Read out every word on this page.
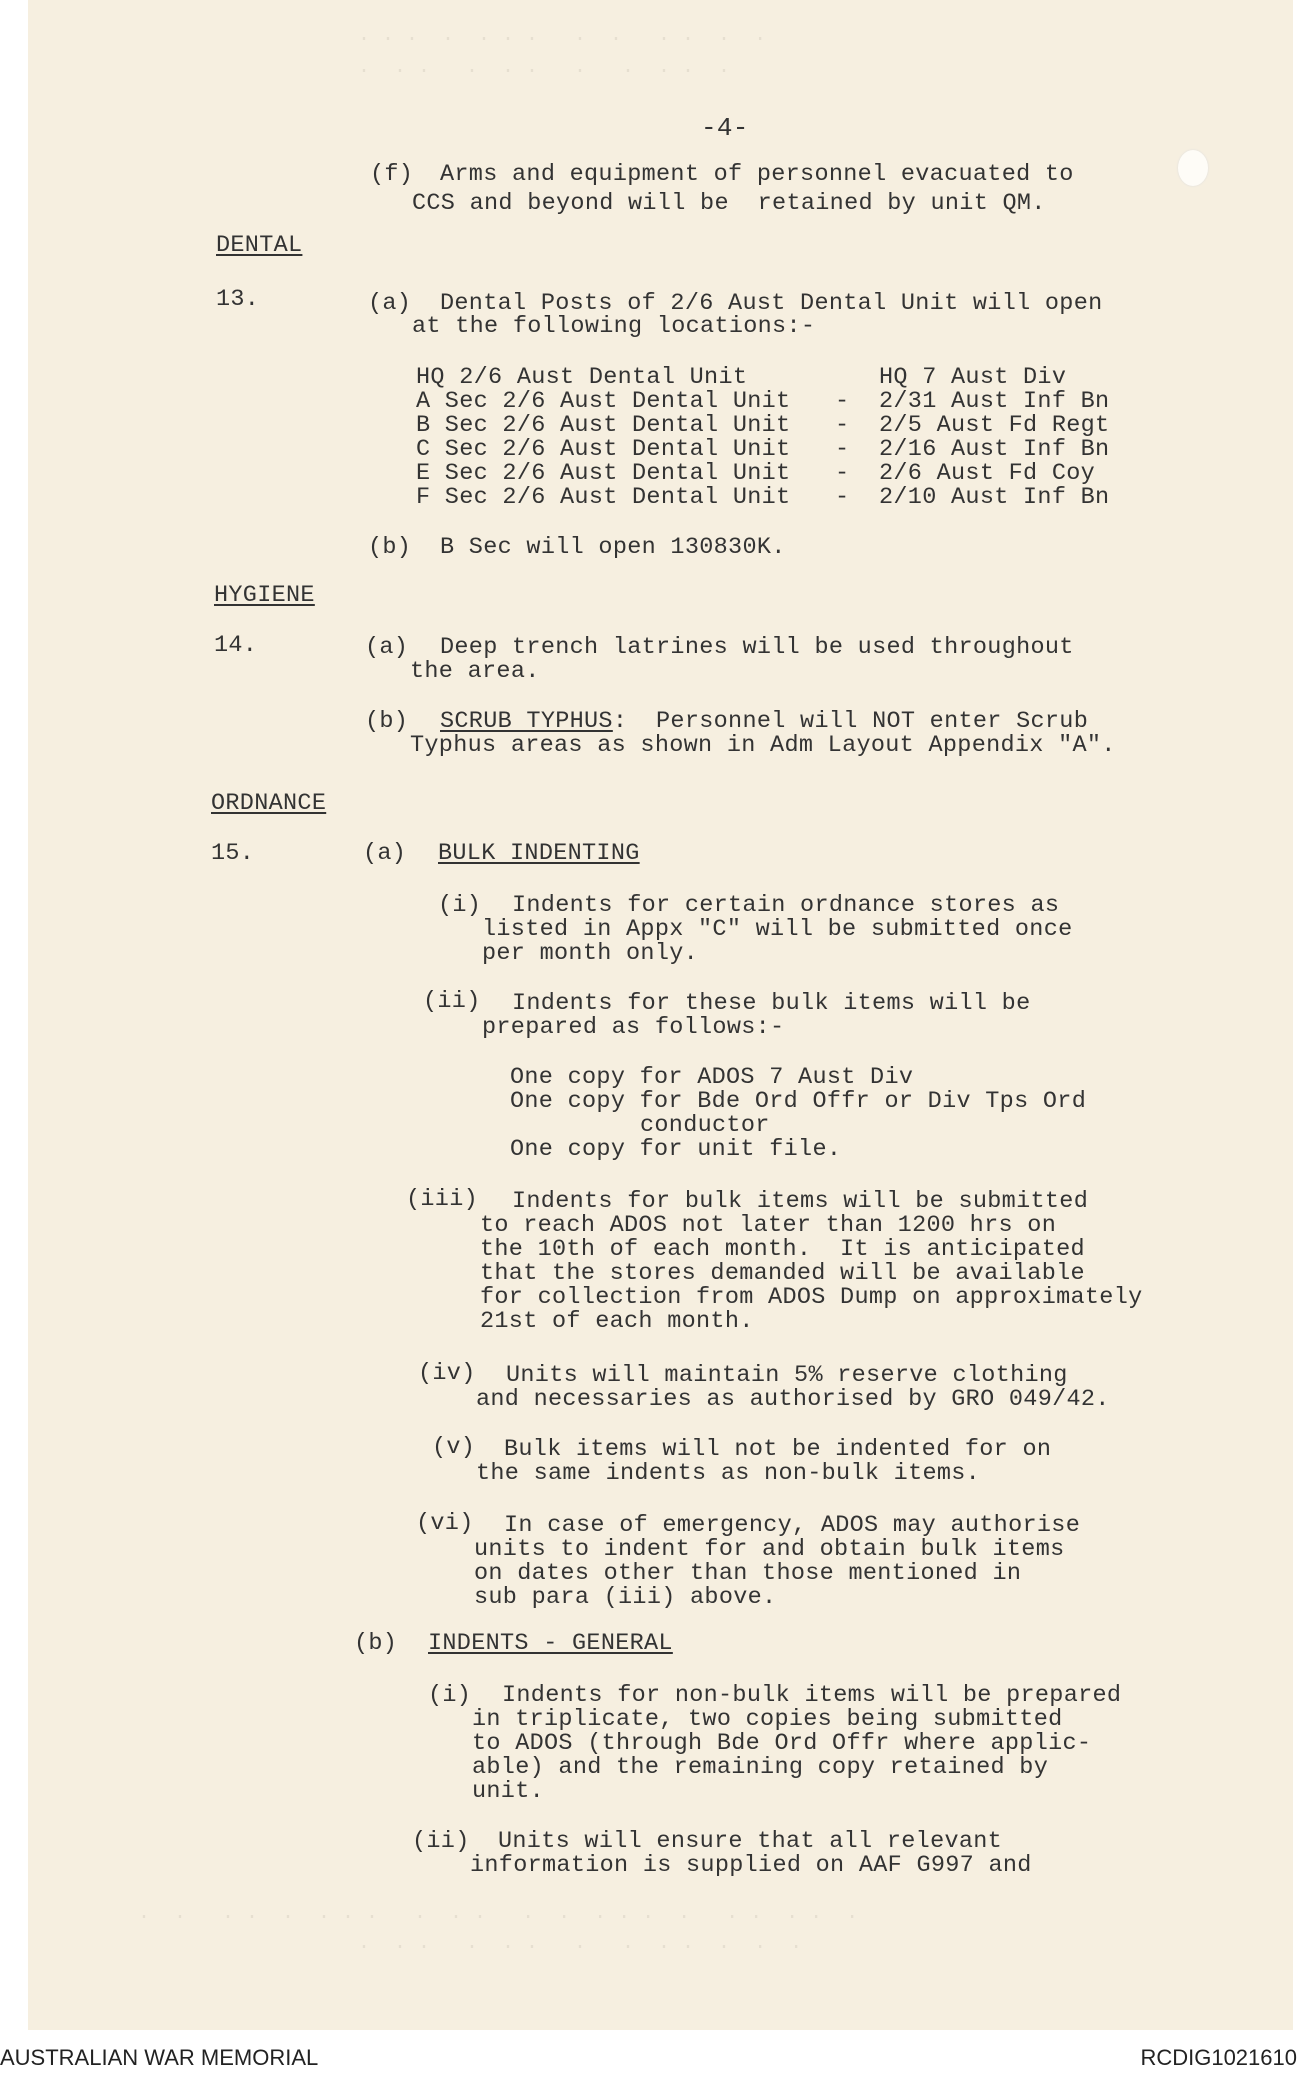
· · ·  ·  · · ·   ·  ·   · ·  ·  ·
·  · ·   ·  · ·   ·   ·  · ·  ·
-4-
(f) Arms and equipment of personnel evacuated to
CCS and beyond will be  retained by unit QM.
DENTAL
13.	(a) Dental Posts of 2/6 Aust Dental Unit will open
at the following locations:-
HQ 2/6 Aust Dental Unit	HQ 7 Aust Div
A Sec 2/6 Aust Dental Unit - 2/31 Aust Inf Bn
B Sec 2/6 Aust Dental Unit - 2/5 Aust Fd Regt
C Sec 2/6 Aust Dental Unit - 2/16 Aust Inf Bn
E Sec 2/6 Aust Dental Unit - 2/6 Aust Fd Coy
F Sec 2/6 Aust Dental Unit - 2/10 Aust Inf Bn
(b) B Sec will open 130830K.
HYGIENE
14.	(a) Deep trench latrines will be used throughout
the area.
(b) SCRUB TYPHUS:  Personnel will NOT enter Scrub
Typhus areas as shown in Adm Layout Appendix "A".
ORDNANCE
15.	(a) BULK INDENTING
(i) Indents for certain ordnance stores as
listed in Appx "C" will be submitted once
per month only.
(ii) Indents for these bulk items will be
prepared as follows:-
One copy for ADOS 7 Aust Div
One copy for Bde Ord Offr or Div Tps Ord
conductor
One copy for unit file.
(iii) Indents for bulk items will be submitted
to reach ADOS not later than 1200 hrs on
the 10th of each month.  It is anticipated
that the stores demanded will be available
for collection from ADOS Dump on approximately
21st of each month.
(iv) Units will maintain 5% reserve clothing
and necessaries as authorised by GRO 049/42.
(v) Bulk items will not be indented for on
the same indents as non-bulk items.
(vi) In case of emergency, ADOS may authorise
units to indent for and obtain bulk items
on dates other than those mentioned in
sub para (iii) above.
(b) INDENTS - GENERAL
(i) Indents for non-bulk items will be prepared
in triplicate, two copies being submitted
to ADOS (through Bde Ord Offr where applic-
able) and the remaining copy retained by
unit.
(ii) Units will ensure that all relevant
information is supplied on AAF G997 and
·  ·   · ·  ·  · · ·   ·  · ·   ·  ·  · · ·  ·   · ·  · ·  ·
·  · ·   ·  · ·   ·   ·  · ·  ·  ·  ·
AUSTRALIAN WAR MEMORIAL	RCDIG1021610
